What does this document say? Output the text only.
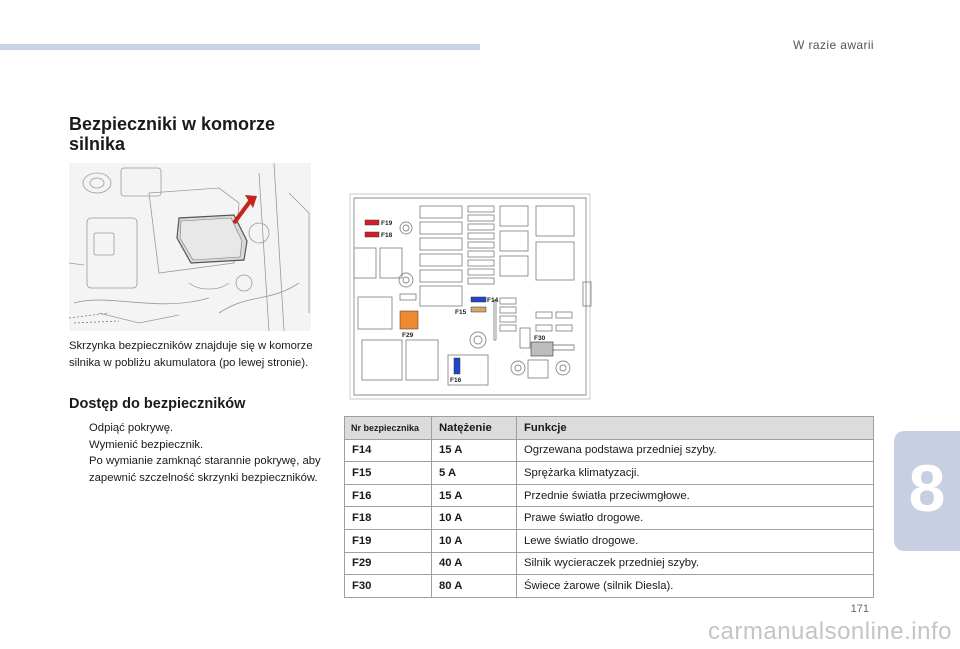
W razie awarii
Bezpieczniki w komorze silnika

Skrzynka bezpieczników znajduje się w komorze silnika w pobliżu akumulatora (po lewej stronie).

Dostęp do bezpieczników
Odpiąć pokrywę.
Wymienić bezpiecznik.
Po wymianie zamknąć starannie pokrywę, aby zapewnić szczelność skrzynki bezpieczników.
F19
F18
F14
F15
F29	F30
F16
Nr bezpiecznika	Natężenie	Funkcje
F14	15 A	Ogrzewana podstawa przedniej szyby.
F15	5 A	Sprężarka klimatyzacji.
F16	15 A	Przednie światła przeciwmgłowe.
F18	10 A	Prawe światło drogowe.
F19	10 A	Lewe światło drogowe.
F29	40 A	Silnik wycieraczek przedniej szyby.
F30	80 A	Świece żarowe (silnik Diesla).
8
171
carmanualsonline.info
